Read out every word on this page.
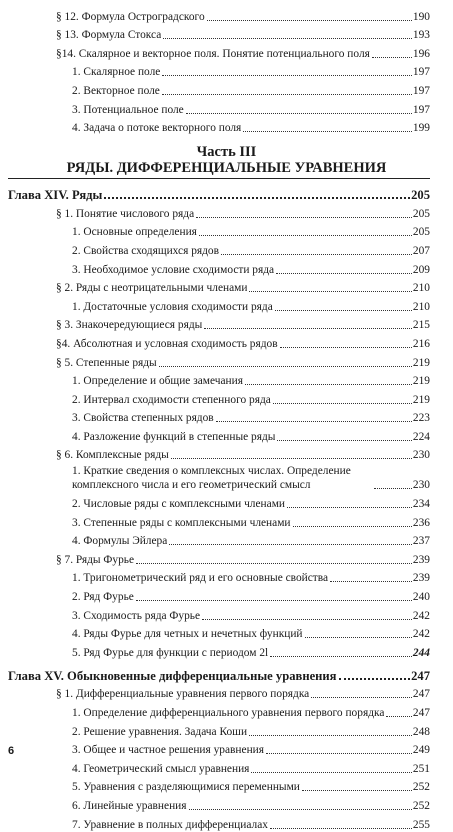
§ 12. Формула Остроградского	190
§ 13. Формула Стокса	193
§14. Скалярное и векторное поля. Понятие потенциального поля	196
1. Скалярное поле	197
2. Векторное поле	197
3. Потенциальное поле	197
4. Задача о потоке векторного поля	199
Часть III
РЯДЫ. ДИФФЕРЕНЦИАЛЬНЫЕ УРАВНЕНИЯ
Глава XIV. Ряды	205
§ 1. Понятие числового ряда	205
1. Основные определения	205
2. Свойства сходящихся рядов	207
3. Необходимое условие сходимости ряда	209
§ 2. Ряды с неотрицательными членами	210
1. Достаточные условия сходимости ряда	210
§ 3. Знакочередующиеся ряды	215
§4. Абсолютная и условная сходимость рядов	216
§ 5. Степенные ряды	219
1. Определение и общие замечания	219
2. Интервал сходимости степенного ряда	219
3. Свойства степенных рядов	223
4. Разложение функций в степенные ряды	224
§ 6. Комплексные ряды	230
1. Краткие сведения о комплексных числах. Определение комплексного числа и его геометрический смысл	230
2. Числовые ряды с комплексными членами	234
3. Степенные ряды с комплексными членами	236
4. Формулы Эйлера	237
§ 7. Ряды Фурье	239
1. Тригонометрический ряд и его основные свойства	239
2. Ряд Фурье	240
3. Сходимость ряда Фурье	242
4. Ряды Фурье для четных и нечетных функций	242
5. Ряд Фурье для функции с периодом 2l	244
Глава XV. Обыкновенные дифференциальные уравнения	247
§ 1. Дифференциальные уравнения первого порядка	247
1. Определение дифференциального уравнения первого порядка	247
2. Решение уравнения. Задача Коши	248
3. Общее и частное решения уравнения	249
4. Геометрический смысл уравнения	251
5. Уравнения с разделяющимися переменными	252
6. Линейные уравнения	252
7. Уравнение в полных дифференциалах	255
6
